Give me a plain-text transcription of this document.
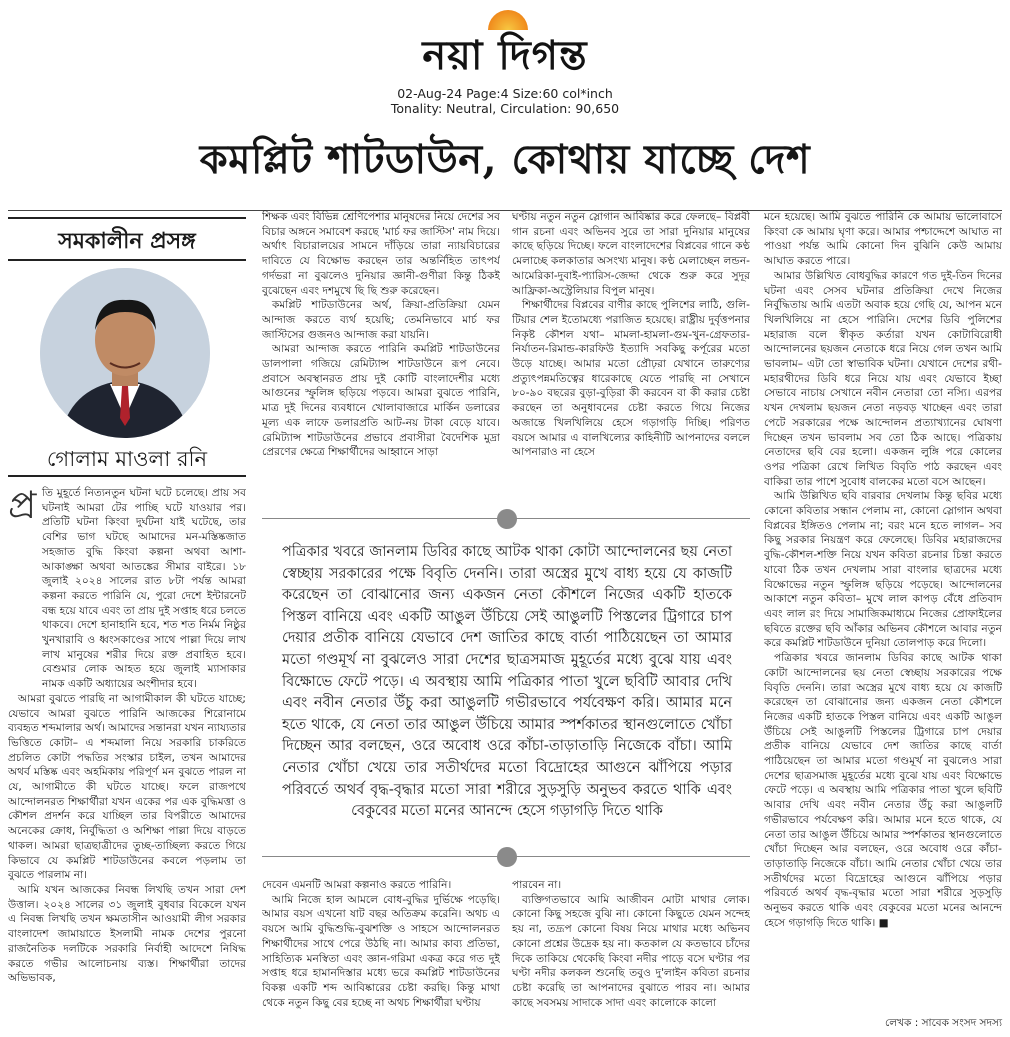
নয়া দিগন্ত
02-Aug-24 Page:4 Size:60 col*inch
Tonality: Neutral, Circulation: 90,650
কমপ্লিট শাটডাউন, কোথায় যাচ্ছে দেশ
সমকালীন প্রসঙ্গ
গোলাম মাওলা রনি
প্র তি মুহূর্তে নিত্যনতুন ঘটনা ঘটে চলেছে। প্রায় সব ঘটনাই আমরা টের পাচ্ছি ঘটে যাওয়ার পর। প্রতিটি ঘটনা কিংবা দুর্ঘটনা যাই ঘটেছে, তার বেশির ভাগ ঘটছে আমাদের মন-মস্তিষ্কজাত সহজাত বুদ্ধি কিংবা কল্পনা অথবা আশা-আকাঙ্ক্ষা অথবা আতঙ্কের সীমার বাইরে। ১৮ জুলাই ২০২৪ সালের রাত ৮টা পর্যন্ত আমরা কল্পনা করতে পারিনি যে, পুরো দেশে ইন্টারনেট বন্ধ হয়ে যাবে এবং তা প্রায় দুই সপ্তাহ ধরে চলতে থাকবে। দেশে হানাহানি হবে, শত শত নির্মম নিষ্ঠুর খুনখারাবি ও ধ্বংসকাণ্ডের সাথে পাল্লা দিয়ে লাখ লাখ মানুষের শরীর দিয়ে রক্ত প্রবাহিত হবে। বেশুমার লোক আহত হয়ে জুলাই ম্যাসাকার নামক একটি অধ্যায়ের অংশীদার হবে।

আমরা বুঝতে পারছি না আগামীকাল কী ঘটতে যাচ্ছে; যেভাবে আমরা বুঝতে পারিনি আজকের শিরোনামে ব্যবহৃত শব্দমালার অর্থ। আমাদের সন্তানরা যখন ন্যায্যতার ভিত্তিতে কোটা– এ শব্দমালা নিয়ে সরকারি চাকরিতে প্রচলিত কোটা পদ্ধতির সংস্কার চাইল, তখন আমাদের অথর্ব মস্তিষ্ক এবং অহমিকায় পরিপূর্ণ মন বুঝতে পারল না যে, আগামীতে কী ঘটতে যাচ্ছে। ফলে রাজপথে আন্দোলনরত শিক্ষার্থীরা যখন একের পর এক বুদ্ধিমত্তা ও কৌশল প্রদর্শন করে যাচ্ছিল তার বিপরীতে আমাদের অনেকের ক্রোধ, নির্বুদ্ধিতা ও অশিক্ষা পাল্লা দিয়ে বাড়তে থাকল। আমরা ছাত্রছাত্রীদের তুচ্ছ-তাচ্ছিল্য করতে গিয়ে কিভাবে যে কমপ্লিট শাটডাউনের কবলে পড়লাম তা বুঝতে পারলাম না।

আমি যখন আজকের নিবন্ধ লিখছি তখন সারা দেশ উত্তাল। ২০২৪ সালের ৩১ জুলাই বুধবার বিকেলে যখন এ নিবন্ধ লিখছি তখন ক্ষমতাসীন আওয়ামী লীগ সরকার বাংলাদেশ জামায়াতে ইসলামী নামক দেশের পুরনো রাজনৈতিক দলটিকে সরকারি নির্বাহী আদেশে নিষিদ্ধ করতে গভীর আলোচনায় ব্যস্ত। শিক্ষার্থীরা তাদের অভিভাবক,

শিক্ষক এবং বিভিন্ন শ্রেণিপেশার মানুষদের নিয়ে দেশের সব বিচার অঙ্গনে সমাবেশ করছে 'মার্চ ফর জাস্টিস' নাম দিয়ে। অর্থাৎ বিচারালয়ের সামনে দাঁড়িয়ে তারা ন্যায়বিচারের দাবিতে যে বিক্ষোভ করছেন তার অন্তর্নিহিত তাৎপর্য গর্দভরা না বুঝলেও দুনিয়ার জ্ঞানী-গুণীরা কিন্তু ঠিকই বুঝেছেন এবং দশমুখে ছি ছি শুরু করেছেন।

কমপ্লিট শাটডাউনের অর্থ, ক্রিয়া-প্রতিক্রিয়া যেমন আন্দাজ করতে ব্যর্থ হয়েছি; তেমনিভাবে মার্চ ফর জাস্টিসের গুজনও আন্দাজ করা যায়নি।

আমরা আন্দাজ করতে পারিনি কমপ্লিট শাটডাউনের ডালপালা গজিয়ে রেমিট্যান্স শাটডাউনে রূপ নেবে। প্রবাসে অবস্থানরত প্রায় দুই কোটি বাংলাদেশীর মধ্যে আগুনের স্ফুলিঙ্গ ছড়িয়ে পড়বে। আমরা বুঝতে পারিনি, মাত্র দুই দিনের ব্যবধানে খোলাবাজারে মার্কিন ডলারের মূল্য এক লাফে ডলারপ্রতি আট-নয় টাকা বেড়ে যাবে। রেমিট্যান্স শাটডাউনের প্রভাবে প্রবাসীরা বৈদেশিক মুদ্রা প্রেরণের ক্ষেত্রে শিক্ষার্থীদের আহ্বানে সাড়া

ঘণ্টায় নতুন নতুন স্লোগান আবিষ্কার করে ফেলছে– বিপ্লবী গান রচনা এবং অভিনব সুরে তা সারা দুনিয়ার মানুষের কাছে ছড়িয়ে দিচ্ছে। ফলে বাংলাদেশের বিপ্লবের গানে কণ্ঠ মেলাচ্ছে কলকাতার অসংখ্য মানুষ। কণ্ঠ মেলাচ্ছেন লন্ডন-আমেরিকা-দুবাই-প্যারিস-জেদ্দা থেকে শুরু করে সুদূর আফ্রিকা-অস্ট্রেলিয়ার বিপুল মানুষ।

শিক্ষার্থীদের বিপ্লবের বাণীর কাছে পুলিশের লাঠি, গুলি-টিয়ার শেল ইতোমধ্যে পরাজিত হয়েছে। রাষ্ট্রীয় দুর্বৃত্তপনার নিকৃষ্ট কৌশল যথা– মামলা-হামলা-গুম-খুন-গ্রেফতার-নির্যাতন-রিমান্ড-কারফিউ ইত্যাদি সবকিছু কর্পূরের মতো উড়ে যাচ্ছে। আমার মতো প্রৌঢ়রা যেখানে তারুণ্যের প্রত্যুৎপন্নমতিত্বের ধারেকাছে যেতে পারছি না সেখানে ৮০-৯০ বছরের বুড়া-বুড়িরা কী করবেন বা কী করার চেষ্টা করছেন তা অনুধাবনের চেষ্টা করতে গিয়ে নিজের অজান্তে খিলখিলিয়ে হেসে গড়াগড়ি দিচ্ছি। পরিণত বয়সে আমার এ বালখিল্যের কাহিনীটি আপনাদের বললে আপনারাও না হেসে

মনে হয়েছে। আমি বুঝতে পারিনি কে আমায় ভালোবাসে কিংবা কে আমায় ঘৃণা করে। আমার পশ্চাদ্দেশে আঘাত না পাওয়া পর্যন্ত আমি কোনো দিন বুঝিনি কেউ আমায় আঘাত করতে পারে।

আমার উল্লিখিত বোধবুদ্ধির কারণে গত দুই-তিন দিনের ঘটনা এবং সেসব ঘটনার প্রতিক্রিয়া দেখে নিজের নির্বুদ্ধিতায় আমি এতটা অবাক হয়ে গেছি যে, আপন মনে খিলখিলিয়ে না হেসে পারিনি। দেশের ডিবি পুলিশের মহারাজ বলে স্বীকৃত কর্তারা যখন কোটাবিরোধী আন্দোলনের ছয়জন নেতাকে ধরে নিয়ে গেল তখন আমি ভাবলাম– এটা তো স্বাভাবিক ঘটনা। যেখানে দেশের রথী-মহারথীদের ডিবি ধরে নিয়ে যায় এবং যেভাবে ইচ্ছা সেভাবে নাচায় সেখানে নবীন নেতারা তো নস্যি। এরপর যখন দেখলাম ছয়জন নেতা নড়বড় খাচ্ছেন এবং তারা পেটে সরকারের পক্ষে আন্দোলন প্রত্যাখ্যানের ঘোষণা দিচ্ছেন তখন ভাবলাম সব তো ঠিক আছে। পত্রিকায় নেতাদের ছবি বের হলো। একজন লুঙ্গি পরে কোলের ওপর পত্রিকা রেখে লিখিত বিবৃতি পাঠ করছেন এবং বাকিরা তার পাশে সুবোধ বালকের মতো বসে আছেন।

আমি উল্লিখিত ছবি বারবার দেখলাম কিন্তু ছবির মধ্যে কোনো কবিতার সন্ধান পেলাম না, কোনো স্লোগান অথবা বিপ্লবের ইঙ্গিতও পেলাম না; বরং মনে হতে লাগল– সব কিছু সরকার নিয়ন্ত্রণ করে ফেলেছে। ডিবির মহারাজদের বুদ্ধি-কৌশল-শক্তি নিয়ে যখন কবিতা রচনার চিন্তা করতে যাবো ঠিক তখন দেখলাম সারা বাংলার ছাত্রদের মধ্যে বিক্ষোভের নতুন স্ফুলিঙ্গ ছড়িয়ে পড়েছে। আন্দোলনের আকাশে নতুন কবিতা– মুখে লাল কাপড় বেঁধে প্রতিবাদ এবং লাল রং দিয়ে সামাজিকমাধ্যমে নিজের প্রোফাইলের ছবিতে রক্তের ছবি আঁকার অভিনব কৌশলে আবার নতুন করে কমপ্লিট শাটডাউনে দুনিয়া তোলপাড় করে দিলো।

পত্রিকার খবরে জানলাম ডিবির কাছে আটক থাকা কোটা আন্দোলনের ছয় নেতা স্বেচ্ছায় সরকারের পক্ষে বিবৃতি দেননি। তারা অস্ত্রের মুখে বাধ্য হয়ে যে কাজটি করেছেন তা বোঝানোর জন্য একজন নেতা কৌশলে নিজের একটি হাতকে পিস্তল বানিয়ে এবং একটি আঙুল উঁচিয়ে সেই আঙুলটি পিস্তলের ট্রিগারে চাপ দেয়ার প্রতীক বানিয়ে যেভাবে দেশ জাতির কাছে বার্তা পাঠিয়েছেন তা আমার মতো গণ্ডমূর্খ না বুঝলেও সারা দেশের ছাত্রসমাজ মুহূর্তের মধ্যে বুঝে যায় এবং বিক্ষোভে ফেটে পড়ে। এ অবস্থায় আমি পত্রিকার পাতা খুলে ছবিটি আবার দেখি এবং নবীন নেতার উঁচু করা আঙুলটি গভীরভাবে পর্যবেক্ষণ করি। আমার মনে হতে থাকে, যে নেতা তার আঙুল উঁচিয়ে আমার স্পর্শকাতর স্থানগুলোতে খোঁচা দিচ্ছেন আর বলছেন, ওরে অবোধ ওরে কাঁচা-তাড়াতাড়ি নিজেকে বাঁচা। আমি নেতার খোঁচা খেয়ে তার সতীর্থদের মতো বিদ্রোহের আগুনে ঝাঁপিয়ে পড়ার পরিবর্তে অথর্ব বৃদ্ধ-বৃদ্ধার মতো সারা শরীরে সুড়সুড়ি অনুভব করতে থাকি এবং বেকুবের মতো মনের আনন্দে হেসে গড়াগড়ি দিতে থাকি। ■

পত্রিকার খবরে জানলাম ডিবির কাছে আটক থাকা কোটা আন্দোলনের ছয় নেতা স্বেচ্ছায় সরকারের পক্ষে বিবৃতি দেননি। তারা অস্ত্রের মুখে বাধ্য হয়ে যে কাজটি করেছেন তা বোঝানোর জন্য একজন নেতা কৌশলে নিজের একটি হাতকে পিস্তল বানিয়ে এবং একটি আঙুল উঁচিয়ে সেই আঙুলটি পিস্তলের ট্রিগারে চাপ দেয়ার প্রতীক বানিয়ে যেভাবে দেশ জাতির কাছে বার্তা পাঠিয়েছেন তা আমার মতো গণ্ডমূর্খ না বুঝলেও সারা দেশের ছাত্রসমাজ মুহূর্তের মধ্যে বুঝে যায় এবং বিক্ষোভে ফেটে পড়ে। এ অবস্থায় আমি পত্রিকার পাতা খুলে ছবিটি আবার দেখি এবং নবীন নেতার উঁচু করা আঙুলটি গভীরভাবে পর্যবেক্ষণ করি। আমার মনে হতে থাকে, যে নেতা তার আঙুল উঁচিয়ে আমার স্পর্শকাতর স্থানগুলোতে খোঁচা দিচ্ছেন আর বলছেন, ওরে অবোধ ওরে কাঁচা-তাড়াতাড়ি নিজেকে বাঁচা। আমি নেতার খোঁচা খেয়ে তার সতীর্থদের মতো বিদ্রোহের আগুনে ঝাঁপিয়ে পড়ার পরিবর্তে অথর্ব বৃদ্ধ-বৃদ্ধার মতো সারা শরীরে সুড়সুড়ি অনুভব করতে থাকি এবং বেকুবের মতো মনের আনন্দে হেসে গড়াগড়ি দিতে থাকি

দেবেন এমনটি আমরা কল্পনাও করতে পারিনি।

আমি নিজে হাল আমলে বোধ-বুদ্ধির দুর্ভিক্ষে পড়েছি। আমার বয়স এখনো ষাট বছর অতিক্রম করেনি। অথচ এ বয়সে আমি বুদ্ধিশুদ্ধি-বুঝশক্তি ও সাহসে আন্দোলনরত শিক্ষার্থীদের সাথে পেরে উঠছি না। আমার কাব্য প্রতিভা, সাহিত্যিক মনস্বিতা এবং জ্ঞান-গরিমা একত্র করে গত দুই সপ্তাহ ধরে হামানদিস্তার মধ্যে ভরে কমপ্লিট শাটডাউনের বিকল্প একটি শব্দ আবিষ্কারের চেষ্টা করছি। কিন্তু মাথা থেকে নতুন কিছু বের হচ্ছে না অথচ শিক্ষার্থীরা ঘণ্টায়

পারবেন না।

ব্যক্তিগতভাবে আমি আজীবন মোটা মাথার লোক। কোনো কিছু সহজে বুঝি না। কোনো কিছুতে যেমন সন্দেহ হয় না, তদ্রূপ কোনো বিষয় নিয়ে মাথার মধ্যে অভিনব কোনো প্রশ্নের উদ্রেক হয় না। কতকাল যে কতভাবে চাঁদের দিকে তাকিয়ে থেকেছি কিংবা নদীর পাড়ে বসে ঘণ্টার পর ঘণ্টা নদীর কলকল শুনেছি তবুও দু'লাইন কবিতা রচনার চেষ্টা করেছি তা আপনাদের বুঝাতে পারব না। আমার কাছে সবসময় সাদাকে সাদা এবং কালোকে কালো

লেখক : সাবেক সংসদ সদস্য
